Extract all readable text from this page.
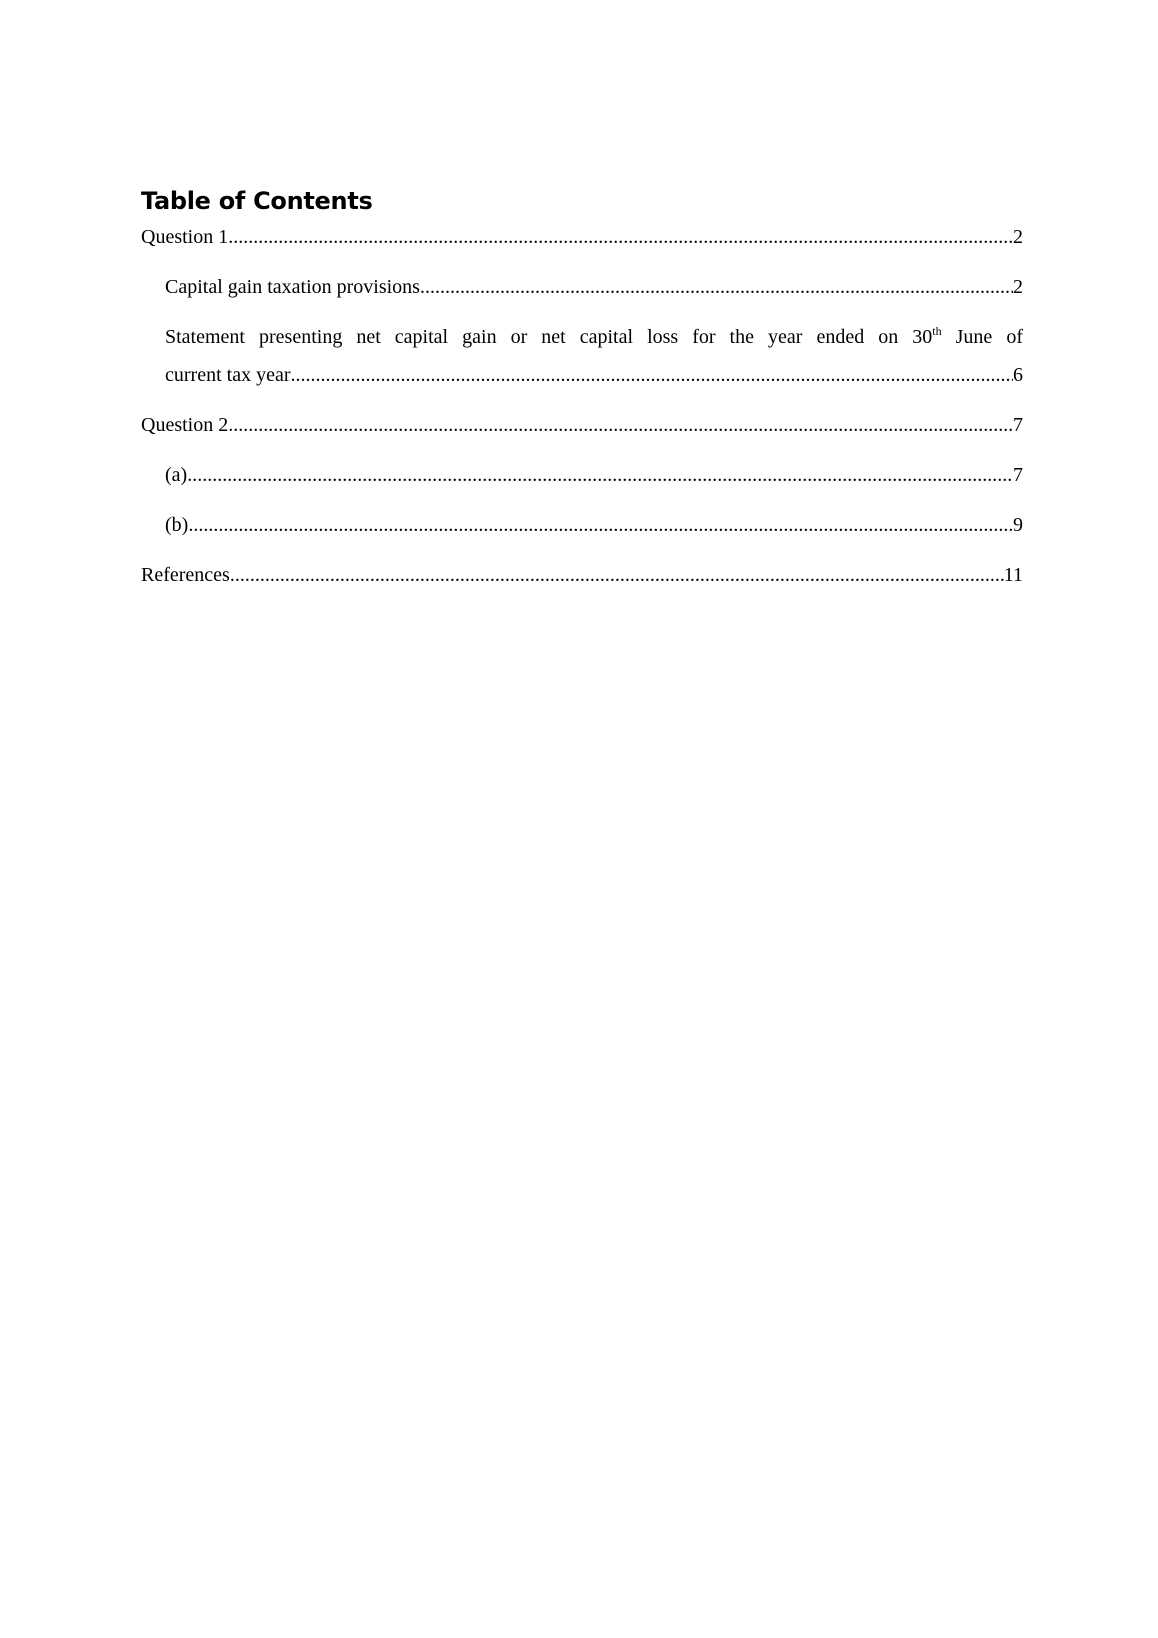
Table of Contents
Question 1 .....	2
Capital gain taxation provisions .....	2
Statement presenting net capital gain or net capital loss for the year ended on 30th June of
current tax year .....	6
Question 2 .....	7
(a) .....	7
(b) .....	9
References .....	11
